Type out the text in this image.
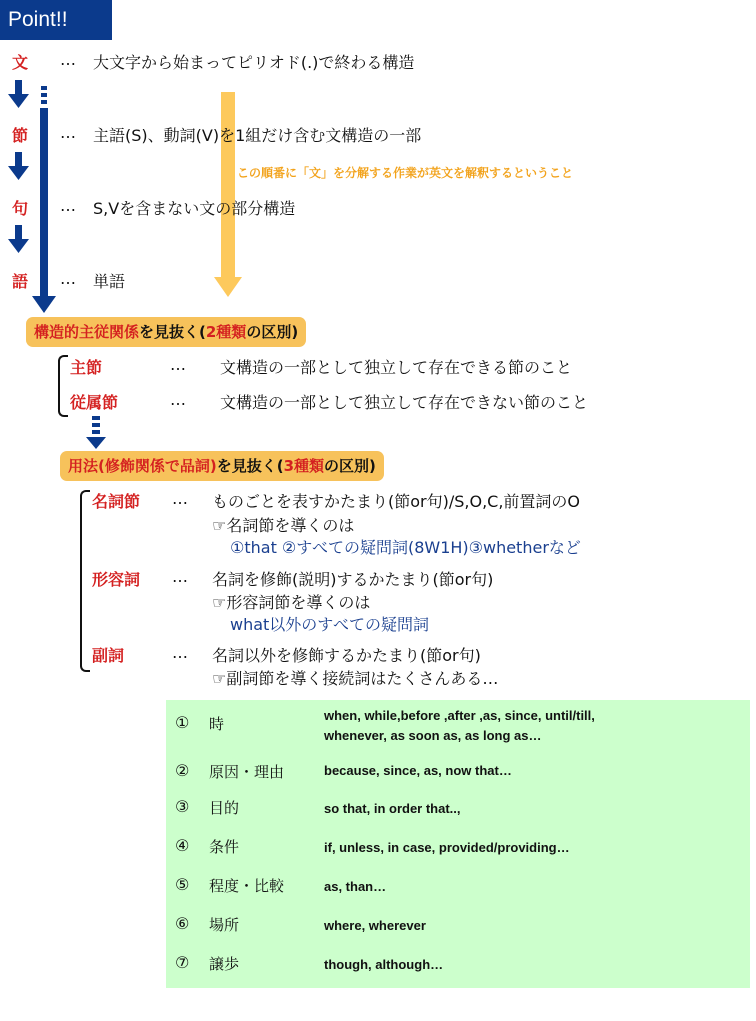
Point!!
文 … 大文字から始まってピリオド(.)で終わる構造
節 … 主語(S)、動詞(V)を1組だけ含む文構造の一部
この順番に「文」を分解する作業が英文を解釈するということ
句 … S,Vを含まない文の部分構造
語 … 単語
構造的主従関係を見抜く(2種類の区別)
主節	… 文構造の一部として独立して存在できる節のこと
従属節	… 文構造の一部として独立して存在できない節のこと
用法(修飾関係で品詞)を見抜く(3種類の区別)
名詞節 … ものごとを表すかたまり(節or句)/S,O,C,前置詞のO
☞名詞節を導くのは
①that ②すべての疑問詞(8W1H)③whetherなど
形容詞 … 名詞を修飾(説明)するかたまり(節or句)
☞形容詞節を導くのは
what以外のすべての疑問詞
副詞	… 名詞以外を修飾するかたまり(節or句)
☞副詞節を導く接続詞はたくさんある…
① 時	when, while,before ,after ,as, since, until/till,
whenever, as soon as, as long as…
② 原因・理由	because, since, as, now that…
③ 目的	so that, in order that..,
④ 条件	if, unless, in case, provided/providing…
⑤ 程度・比較	as, than…
⑥ 場所	where, wherever
⑦ 譲歩	though, although…
